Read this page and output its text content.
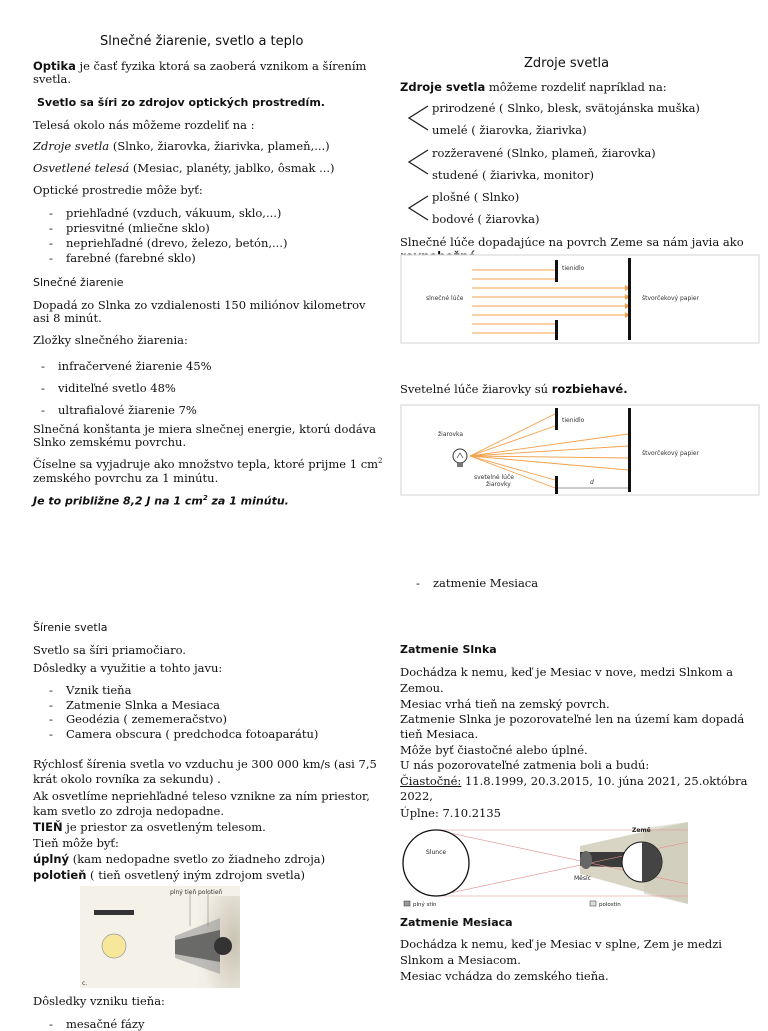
Slnečné žiarenie, svetlo a teplo
Optika je časť fyzika ktorá sa zaoberá vznikom a šírením
svetla.
Svetlo sa šíri zo zdrojov optických prostredím.
Telesá okolo nás môžeme rozdeliť na :
Zdroje svetla (Slnko, žiarovka, žiarivka, plameň,...)
Osvetlené telesá (Mesiac, planéty, jablko, ôsmak ...)
Optické prostredie môže byť:
- priehľadné (vzduch, vákuum, sklo,...)
- priesvitné (mliečne sklo)
- nepriehľadné (drevo, železo, betón,...)
- farebné (farebné sklo)
Slnečné žiarenie
Dopadá zo Slnka zo vzdialenosti 150 miliónov kilometrov
asi 8 minút.
Zložky slnečného žiarenia:
- infračervené žiarenie 45%
- viditeľné svetlo 48%
- ultrafialové žiarenie 7%
Slnečná konštanta je miera slnečnej energie, ktorú dodáva
Slnko zemskému povrchu.
Číselne sa vyjadruje ako množstvo tepla, ktoré prijme 1 $cm^2$
zemského povrchu za 1 minútu.
Je to približne 8,2 J na 1 $cm^2$ za 1 minútu.
Šírenie svetla
Svetlo sa šíri priamočiaro.
Dôsledky a využitie a tohto javu:
- Vznik tieňa
- Zatmenie Slnka a Mesiaca
- Geodézia ( zememeračstvo)
- Camera obscura ( predchodca fotoaparátu)
Rýchlosť šírenia svetla vo vzduchu je 300 000 km/s (asi 7,5
krát okolo rovníka za sekundu) .
Ak osvetlíme nepriehľadné teleso vznikne za ním priestor,
kam svetlo zo zdroja nedopadne.
TIEŇ je priestor za osvetleným telesom.
Tieň môže byť:
úplný (kam nedopadne svetlo zo žiadneho zdroja)
polotieň ( tieň osvetlený iným zdrojom svetla)
plný tieň polotieň
c.
Dôsledky vzniku tieňa:
- mesačné fázy
Zdroje svetla
Zdroje svetla môžeme rozdeliť napríklad na:
prirodzené ( Slnko, blesk, svätojánska muška)
umelé ( žiarovka, žiarivka)
rozžeravené (Slnko, plameň, žiarovka)
studené ( žiarivka, monitor)
plošné ( Slnko)
bodové ( žiarovka)
Slnečné lúče dopadajúce na povrch Zeme sa nám javia ako
tienidlo
slnečné lúče	štvorčekový papier
Svetelné lúče žiarovky sú rozbiehavé.
žiarovka
tienidlo
štvorčekový papier
svetelné lúče
žiarovky	d
- zatmenie Mesiaca
Zatmenie Slnka
Dochádza k nemu, keď je Mesiac v nove, medzi Slnkom a
Zemou.
Mesiac vrhá tieň na zemský povrch.
Zatmenie Slnka je pozorovateľné len na území kam dopadá
tieň Mesiaca.
Môže byť čiastočné alebo úplné.
U nás pozorovateľné zatmenia boli a budú:
Čiastočné: 11.8.1999, 20.3.2015, 10. júna 2021, 25.októbra
2022,
Úplne: 7.10.2135
Slunce
Země
Měsíc
plný stín	polostín
Zatmenie Mesiaca
Dochádza k nemu, keď je Mesiac v splne, Zem je medzi
Slnkom a Mesiacom.
Mesiac vchádza do zemského tieňa.
